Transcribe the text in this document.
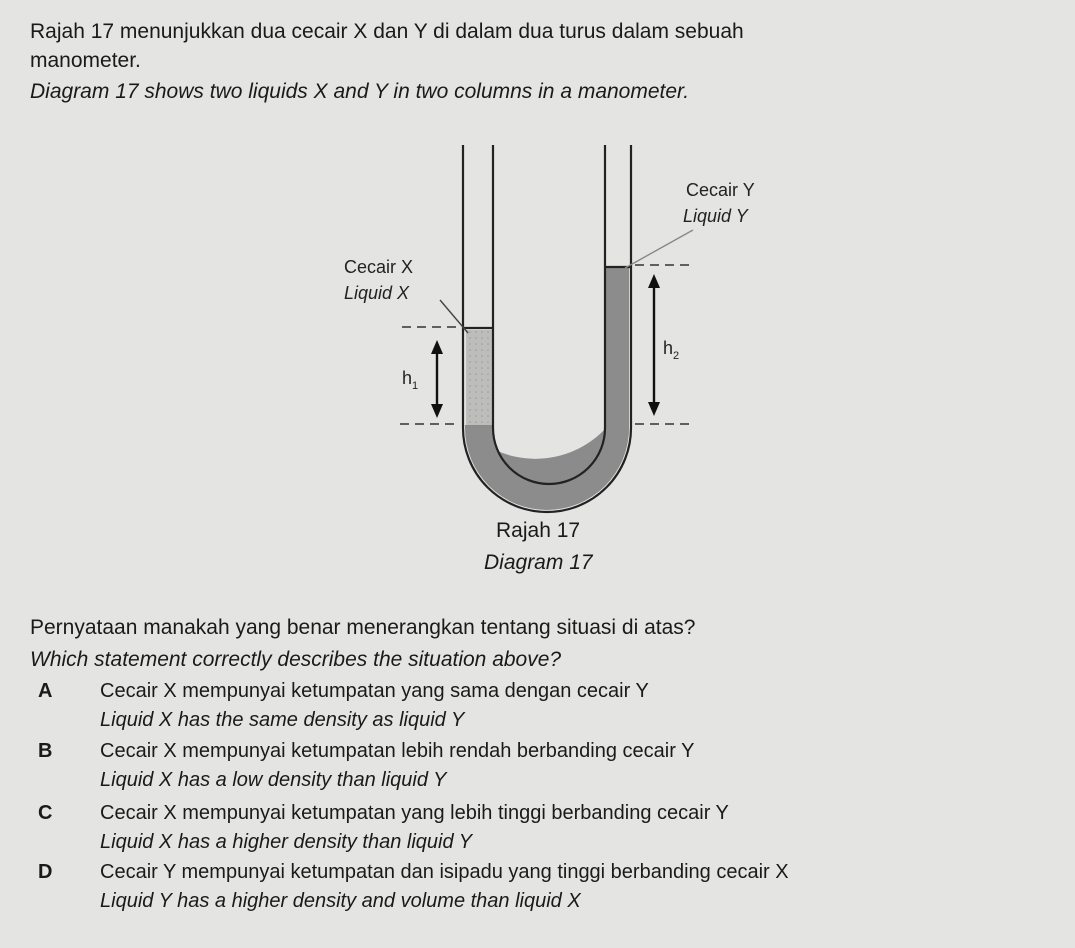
Rajah 17 menunjukkan dua cecair X dan Y di dalam dua turus dalam sebuah
manometer.
Diagram 17 shows two liquids X and Y in two columns in a manometer.
Cecair Y
Liquid Y
Cecair X
Liquid X
$h_1$
$h_2$
Rajah 17
Diagram 17
Pernyataan manakah yang benar menerangkan tentang situasi di atas?
Which statement correctly describes the situation above?
A Cecair X mempunyai ketumpatan yang sama dengan cecair Y
Liquid X has the same density as liquid Y
B Cecair X mempunyai ketumpatan lebih rendah berbanding cecair Y
Liquid X has a low density than liquid Y
C Cecair X mempunyai ketumpatan yang lebih tinggi berbanding cecair Y
Liquid X has a higher density than liquid Y
D Cecair Y mempunyai ketumpatan dan isipadu yang tinggi berbanding cecair X
Liquid Y has a higher density and volume than liquid X
